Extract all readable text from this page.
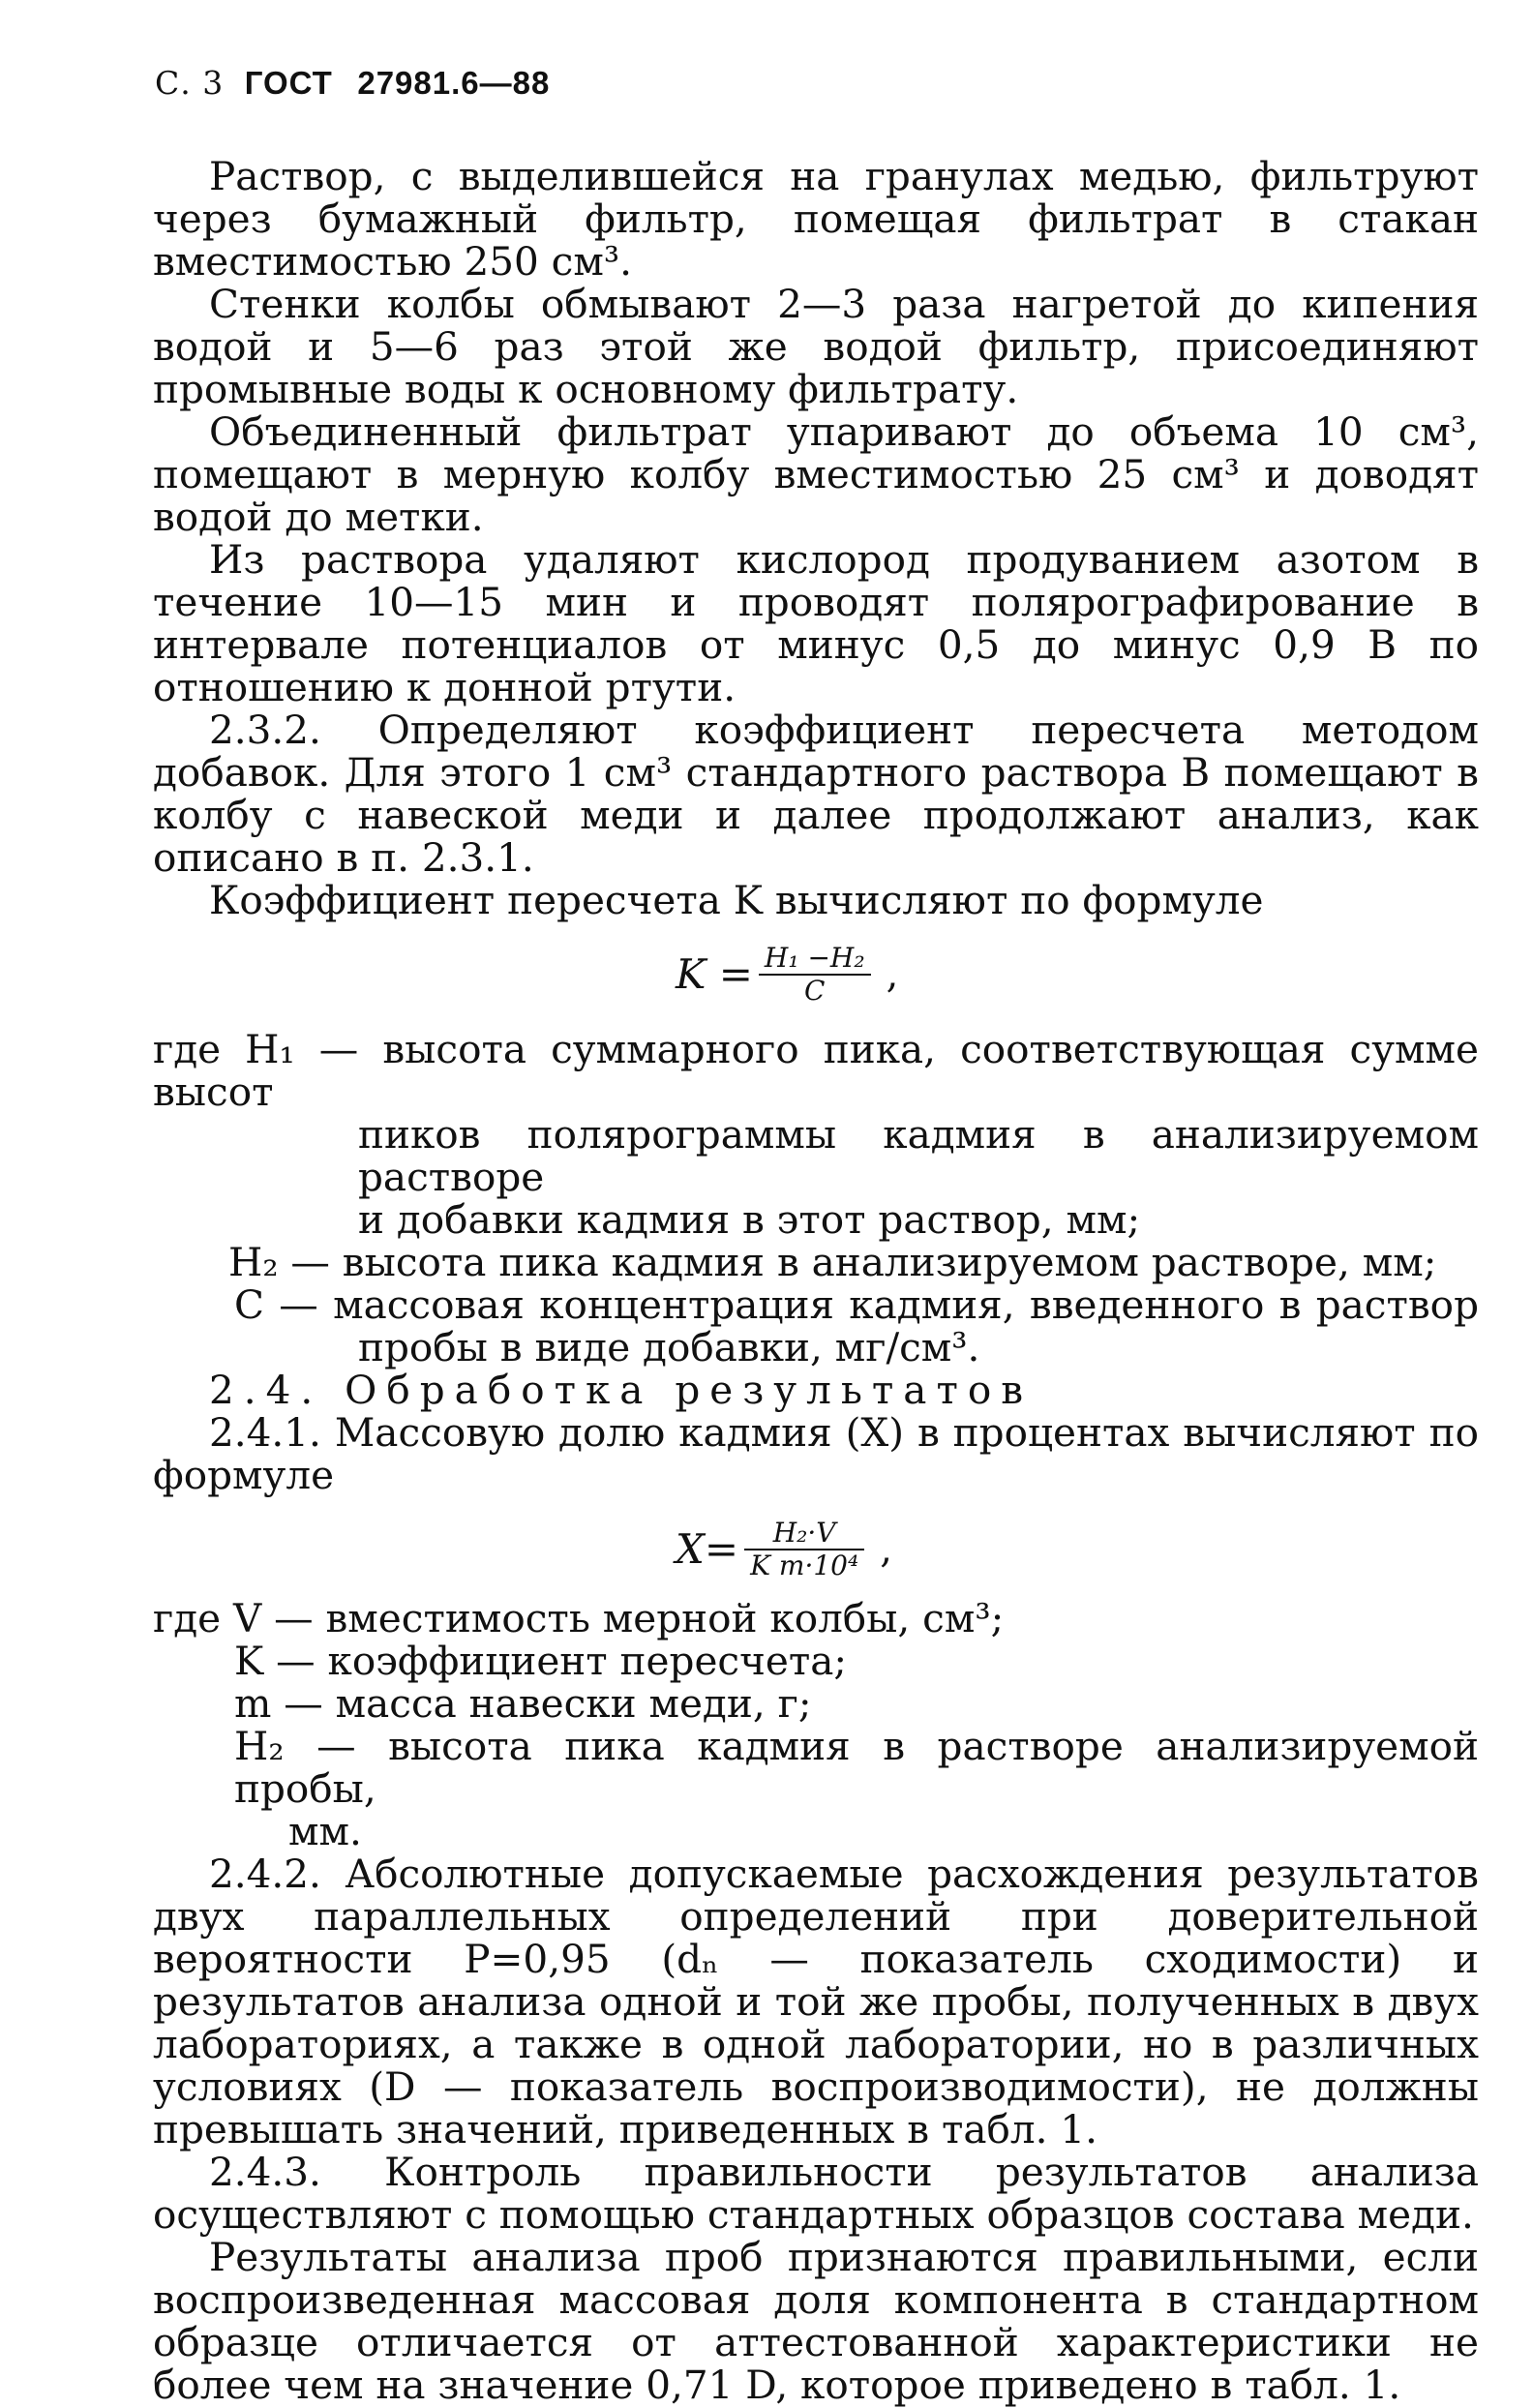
С. 3 ГОСТ 27981.6—88

Раствор, с выделившейся на гранулах медью, фильтруют через бумажный фильтр, помещая фильтрат в стакан вместимостью 250 см³.

Стенки колбы обмывают 2—3 раза нагретой до кипения водой и 5—6 раз этой же водой фильтр, присоединяют промывные воды к основному фильтрату.

Объединенный фильтрат упаривают до объема 10 см³, помещают в мерную колбу вместимостью 25 см³ и доводят водой до метки.

Из раствора удаляют кислород продуванием азотом в течение 10—15 мин и проводят полярографирование в интервале потенциалов от минус 0,5 до минус 0,9 В по отношению к донной ртути.

2.3.2. Определяют коэффициент пересчета методом добавок. Для этого 1 см³ стандартного раствора В помещают в колбу с навеской меди и далее продолжают анализ, как описано в п. 2.3.1.

Коэффициент пересчета K вычисляют по формуле

$K = \frac{\text{H₁ −H₂}}{C}$ ,
где H₁ — высота суммарного пика, соответствующая сумме высот
пиков полярограммы кадмия в анализируемом растворе
и добавки кадмия в этот раствор, мм;
H₂ — высота пика кадмия в анализируемом растворе, мм;
C — массовая концентрация кадмия, введенного в раствор
пробы в виде добавки, мг/см³.
2.4. Обработка результатов

2.4.1. Массовую долю кадмия (X) в процентах вычисляют по формуле

$X= \frac{\text{H₂·V}}{\text{K m·10⁴}}$ ,
где V — вместимость мерной колбы, см³;
K — коэффициент пересчета;
m — масса навески меди, г;
H₂ — высота пика кадмия в растворе анализируемой пробы,
мм.

2.4.2. Абсолютные допускаемые расхождения результатов двух параллельных определений при доверительной вероятности P=0,95 (dₙ — показатель сходимости) и результатов анализа одной и той же пробы, полученных в двух лабораториях, а также в одной лаборатории, но в различных условиях (D — показатель воспроизводимости), не должны превышать значений, приведенных в табл. 1.

2.4.3. Контроль правильности результатов анализа осуществляют с помощью стандартных образцов состава меди.

Результаты анализа проб признаются правильными, если воспроизведенная массовая доля компонента в стандартном образце отличается от аттестованной характеристики не более чем на значение 0,71 D, которое приведено в табл. 1.
